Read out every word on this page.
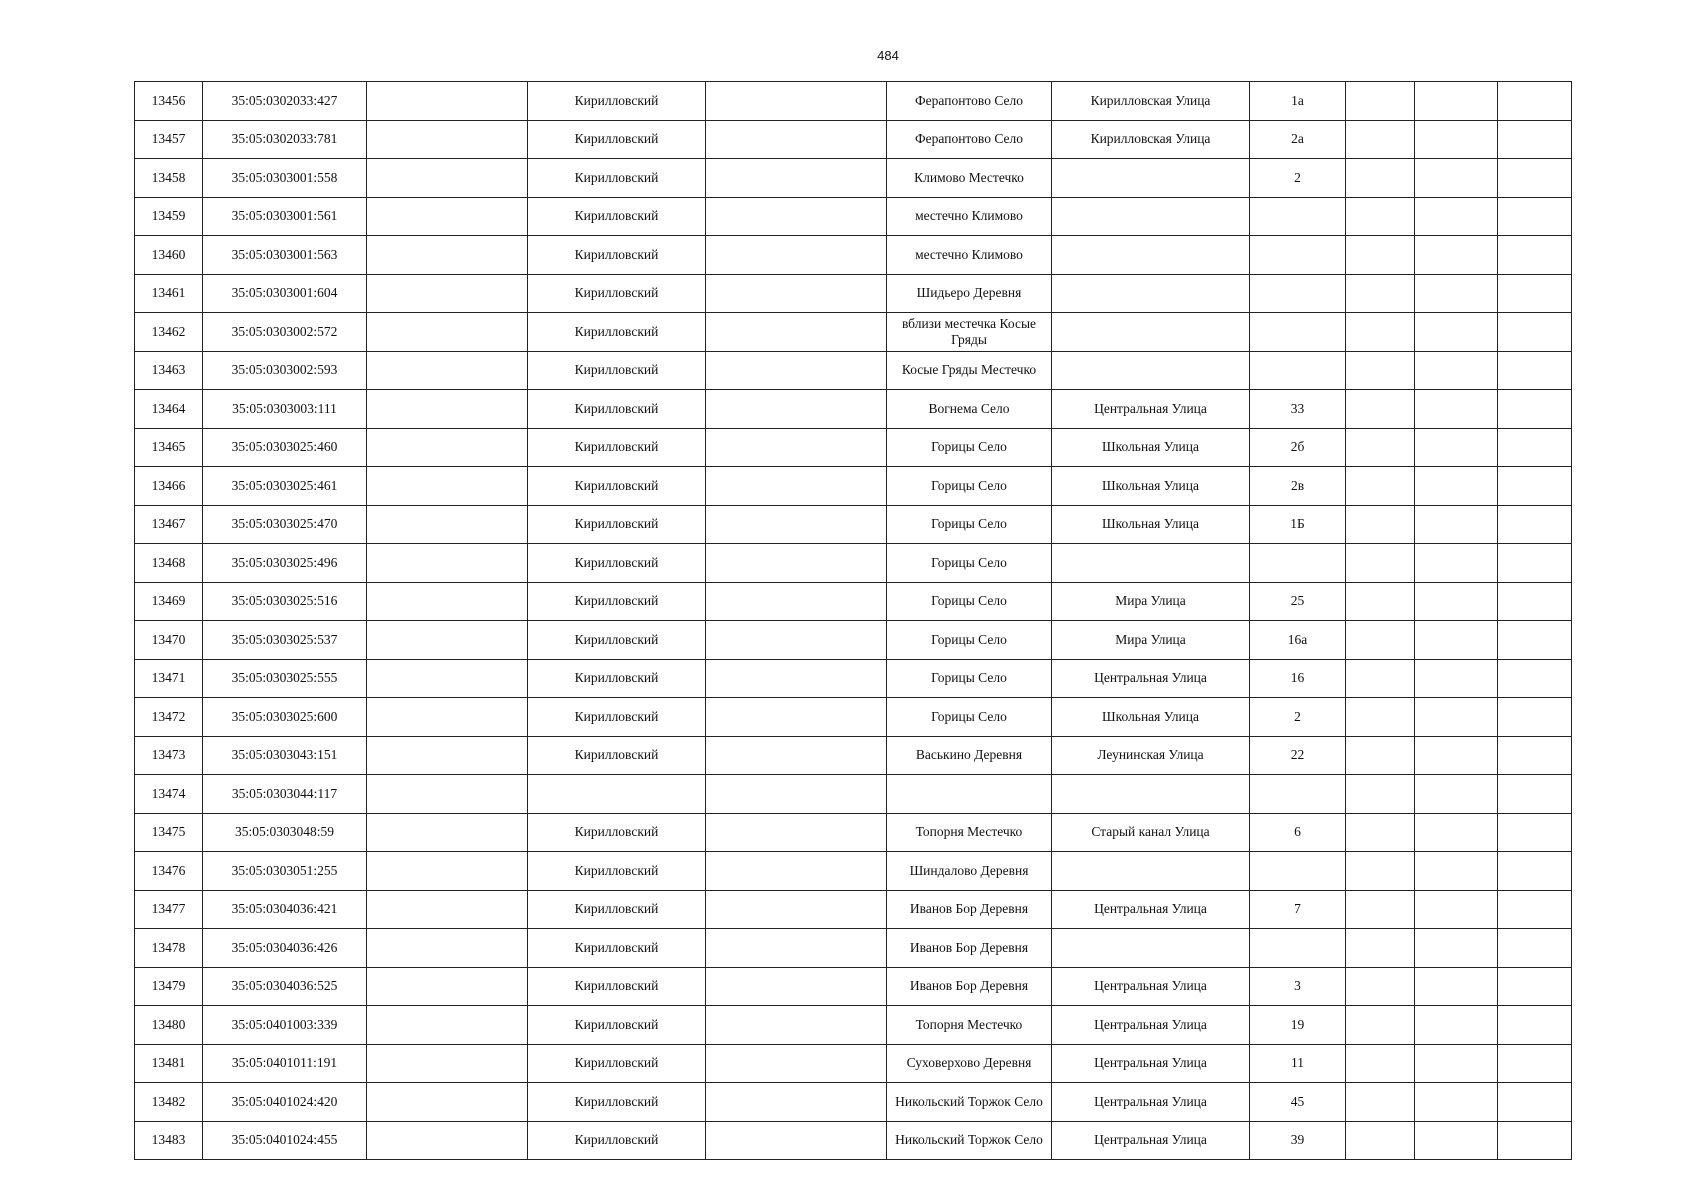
484
13456	35:05:0302033:427		Кирилловский		Ферапонтово Село	Кирилловская Улица	1а			
13457	35:05:0302033:781		Кирилловский		Ферапонтово Село	Кирилловская Улица	2а			
13458	35:05:0303001:558		Кирилловский		Климово Местечко		2			
13459	35:05:0303001:561		Кирилловский		местечно Климово					
13460	35:05:0303001:563		Кирилловский		местечно Климово					
13461	35:05:0303001:604		Кирилловский		Шидьеро Деревня					
13462	35:05:0303002:572		Кирилловский		вблизи местечка Косые Гряды					
13463	35:05:0303002:593		Кирилловский		Косые Гряды Местечко					
13464	35:05:0303003:111		Кирилловский		Вогнема Село	Центральная Улица	33			
13465	35:05:0303025:460		Кирилловский		Горицы Село	Школьная Улица	2б			
13466	35:05:0303025:461		Кирилловский		Горицы Село	Школьная Улица	2в			
13467	35:05:0303025:470		Кирилловский		Горицы Село	Школьная Улица	1Б			
13468	35:05:0303025:496		Кирилловский		Горицы Село					
13469	35:05:0303025:516		Кирилловский		Горицы Село	Мира Улица	25			
13470	35:05:0303025:537		Кирилловский		Горицы Село	Мира Улица	16а			
13471	35:05:0303025:555		Кирилловский		Горицы Село	Центральная Улица	16			
13472	35:05:0303025:600		Кирилловский		Горицы Село	Школьная Улица	2			
13473	35:05:0303043:151		Кирилловский		Васькино Деревня	Леунинская Улица	22			
13474	35:05:0303044:117									
13475	35:05:0303048:59		Кирилловский		Топорня Местечко	Старый канал Улица	6			
13476	35:05:0303051:255		Кирилловский		Шиндалово Деревня					
13477	35:05:0304036:421		Кирилловский		Иванов Бор Деревня	Центральная Улица	7			
13478	35:05:0304036:426		Кирилловский		Иванов Бор Деревня					
13479	35:05:0304036:525		Кирилловский		Иванов Бор Деревня	Центральная Улица	3			
13480	35:05:0401003:339		Кирилловский		Топорня Местечко	Центральная Улица	19			
13481	35:05:0401011:191		Кирилловский		Суховерхово Деревня	Центральная Улица	11			
13482	35:05:0401024:420		Кирилловский		Никольский Торжок Село	Центральная Улица	45			
13483	35:05:0401024:455		Кирилловский		Никольский Торжок Село	Центральная Улица	39			
